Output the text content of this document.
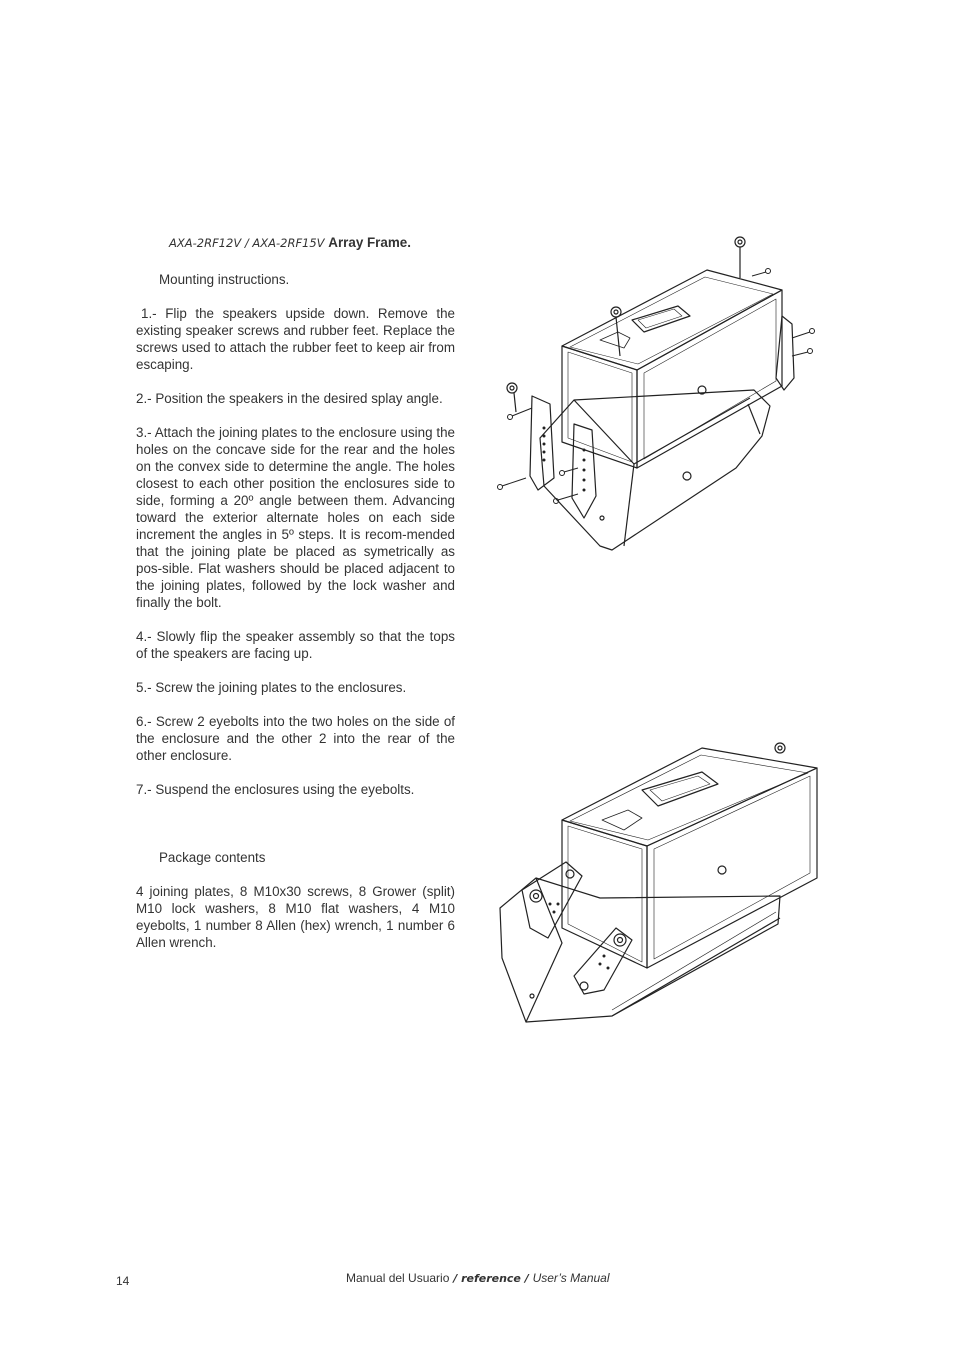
AXA-2RF12V / AXA-2RF15V Array Frame.
Mounting instructions.
1.- Flip the speakers upside down. Remove the existing speaker screws and rubber feet. Replace the screws used to attach the rubber feet to keep air from escaping.
2.- Position the speakers in the desired splay angle.
3.- Attach the joining plates to the enclosure using the holes on the concave side for the rear and the holes on the convex side to determine the angle. The holes closest to each other position the enclosures side to side, forming a 20º angle between them. Advancing toward the exterior alternate holes on each side increment the angles in 5º steps. It is recom-mended that the joining plate be placed as symetrically as pos-sible. Flat washers should be placed adjacent to the joining plates, followed by the lock washer and finally the bolt.
4.- Slowly flip the speaker assembly so that the tops of the speakers are facing up.
5.- Screw the joining plates to the enclosures.
6.- Screw 2 eyebolts into the two holes on the side of the enclosure and the other 2 into the rear of the other enclosure.
7.- Suspend the enclosures using the eyebolts.
Package contents
4 joining plates, 8 M10x30 screws, 8 Grower (split) M10 lock washers, 8 M10 flat washers, 4 M10 eyebolts, 1 number 8 Allen (hex) wrench, 1 number 6 Allen wrench.
14	Manual del Usuario / reference / User’s Manual
